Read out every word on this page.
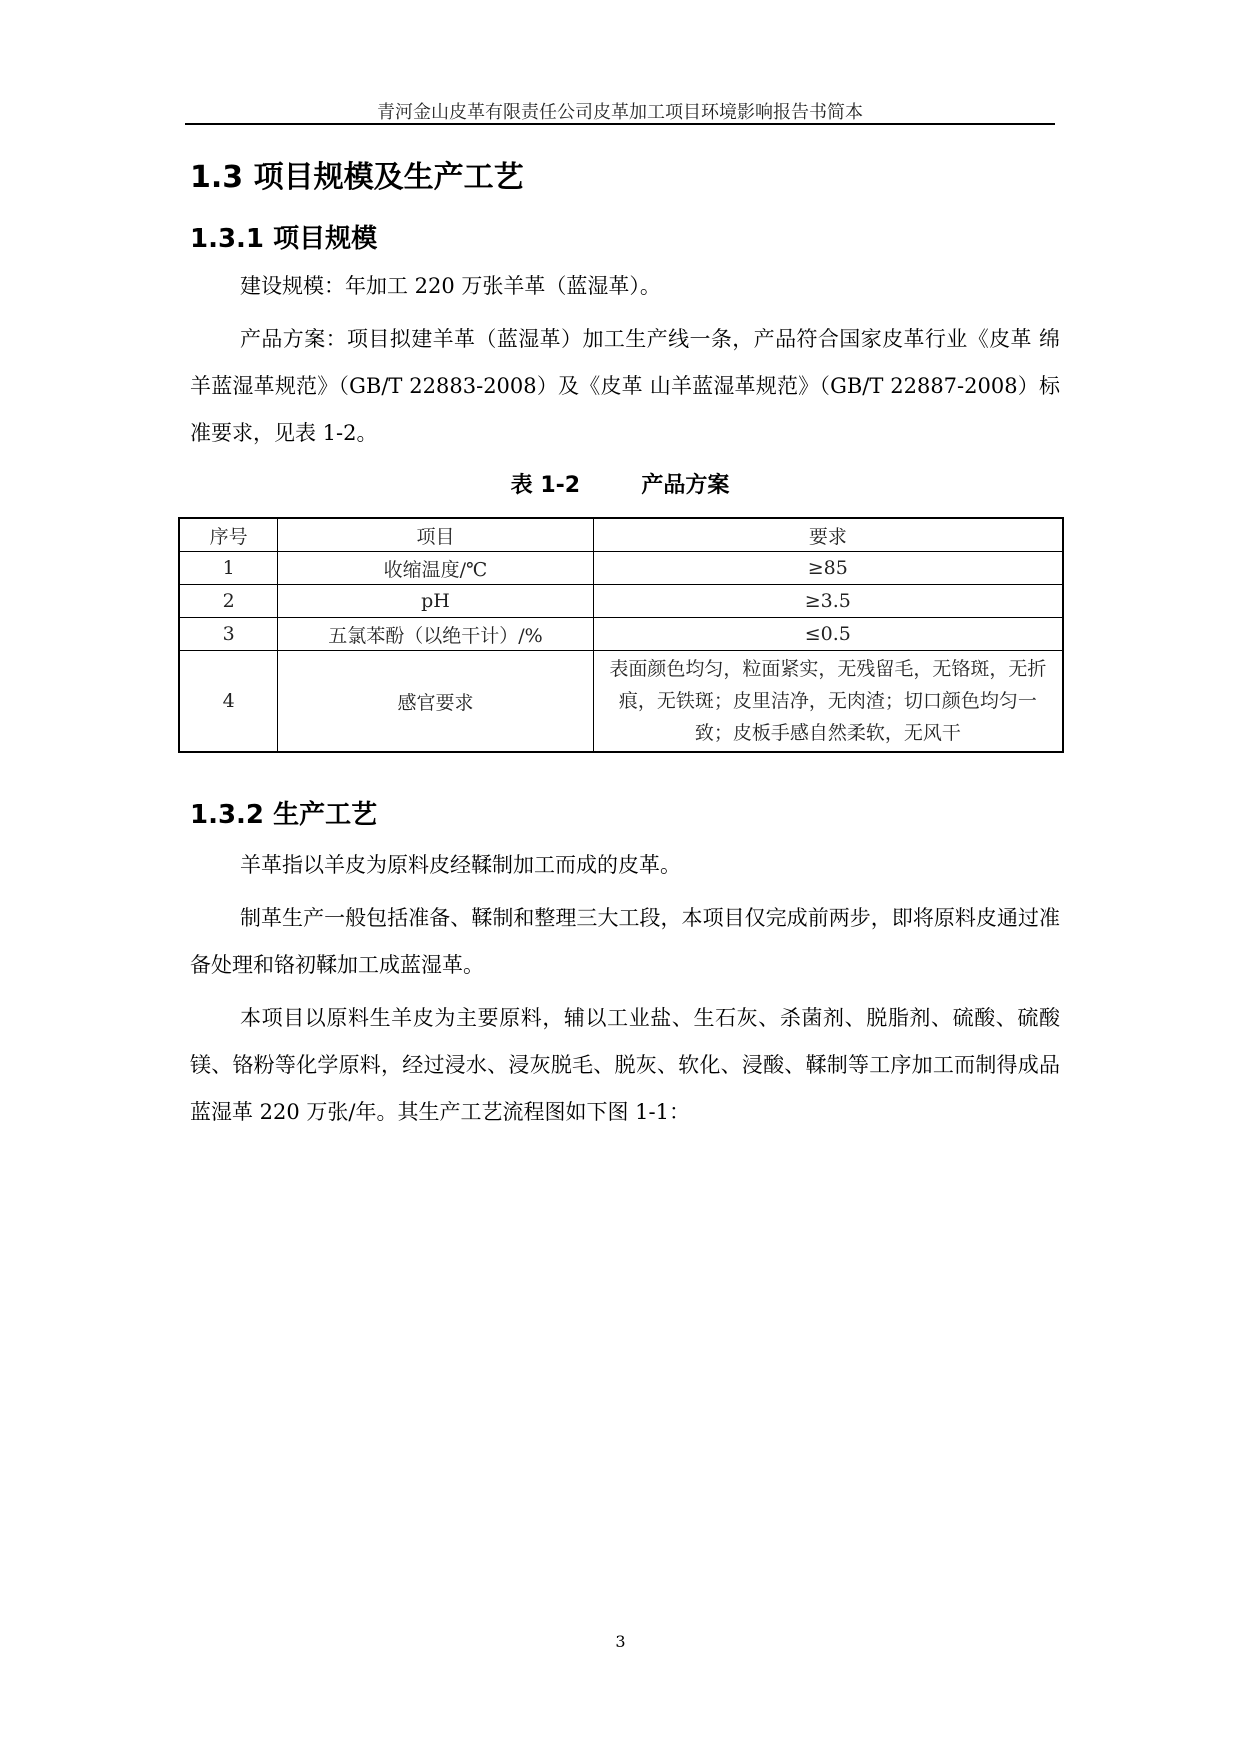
青河金山皮革有限责任公司皮革加工项目环境影响报告书简本
1.3 项目规模及生产工艺
1.3.1 项目规模
建设规模：年加工 220 万张羊革（蓝湿革）。
产品方案：项目拟建羊革（蓝湿革）加工生产线一条，产品符合国家皮革行业《皮革 绵羊蓝湿革规范》（GB/T 22883-2008）及《皮革 山羊蓝湿革规范》（GB/T 22887-2008）标准要求，见表 1-2。
表 1-2        产品方案
序号	项目	要求
1	收缩温度/℃	≥85
2	pH	≥3.5
3	五氯苯酚（以绝干计）/%	≤0.5
4	感官要求	表面颜色均匀，粒面紧实，无残留毛，无铬斑，无折痕，无铁斑；皮里洁净，无肉渣；切口颜色均匀一致；皮板手感自然柔软，无风干
1.3.2 生产工艺
羊革指以羊皮为原料皮经鞣制加工而成的皮革。
制革生产一般包括准备、鞣制和整理三大工段，本项目仅完成前两步，即将原料皮通过准备处理和铬初鞣加工成蓝湿革。
本项目以原料生羊皮为主要原料，辅以工业盐、生石灰、杀菌剂、脱脂剂、硫酸、硫酸镁、铬粉等化学原料，经过浸水、浸灰脱毛、脱灰、软化、浸酸、鞣制等工序加工而制得成品蓝湿革 220 万张/年。其生产工艺流程图如下图 1-1：
3
